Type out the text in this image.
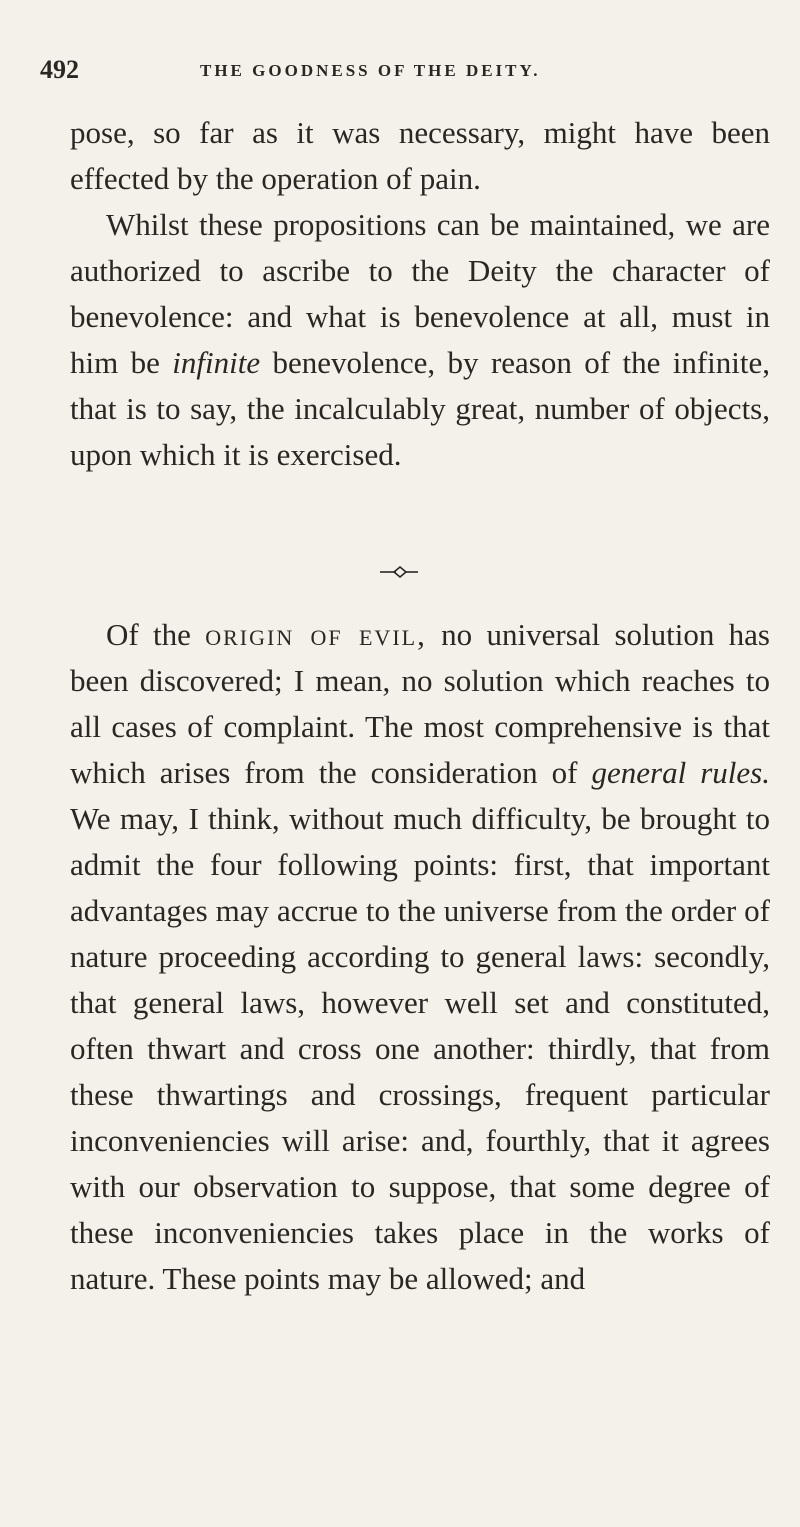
492	THE GOODNESS OF THE DEITY.

pose, so far as it was necessary, might have been effected by the operation of pain.

Whilst these propositions can be maintained, we are authorized to ascribe to the Deity the character of benevolence: and what is benevolence at all, must in him be infinite benevolence, by reason of the infinite, that is to say, the incalculably great, number of objects, upon which it is exercised.

Of the origin of evil, no universal solution has been discovered; I mean, no solution which reaches to all cases of complaint. The most comprehensive is that which arises from the consideration of general rules. We may, I think, without much difficulty, be brought to admit the four following points: first, that important advantages may accrue to the universe from the order of nature proceeding according to general laws: secondly, that general laws, however well set and constituted, often thwart and cross one another: thirdly, that from these thwartings and crossings, frequent particular inconveniencies will arise: and, fourthly, that it agrees with our observation to suppose, that some degree of these inconveniencies takes place in the works of nature. These points may be allowed; and
